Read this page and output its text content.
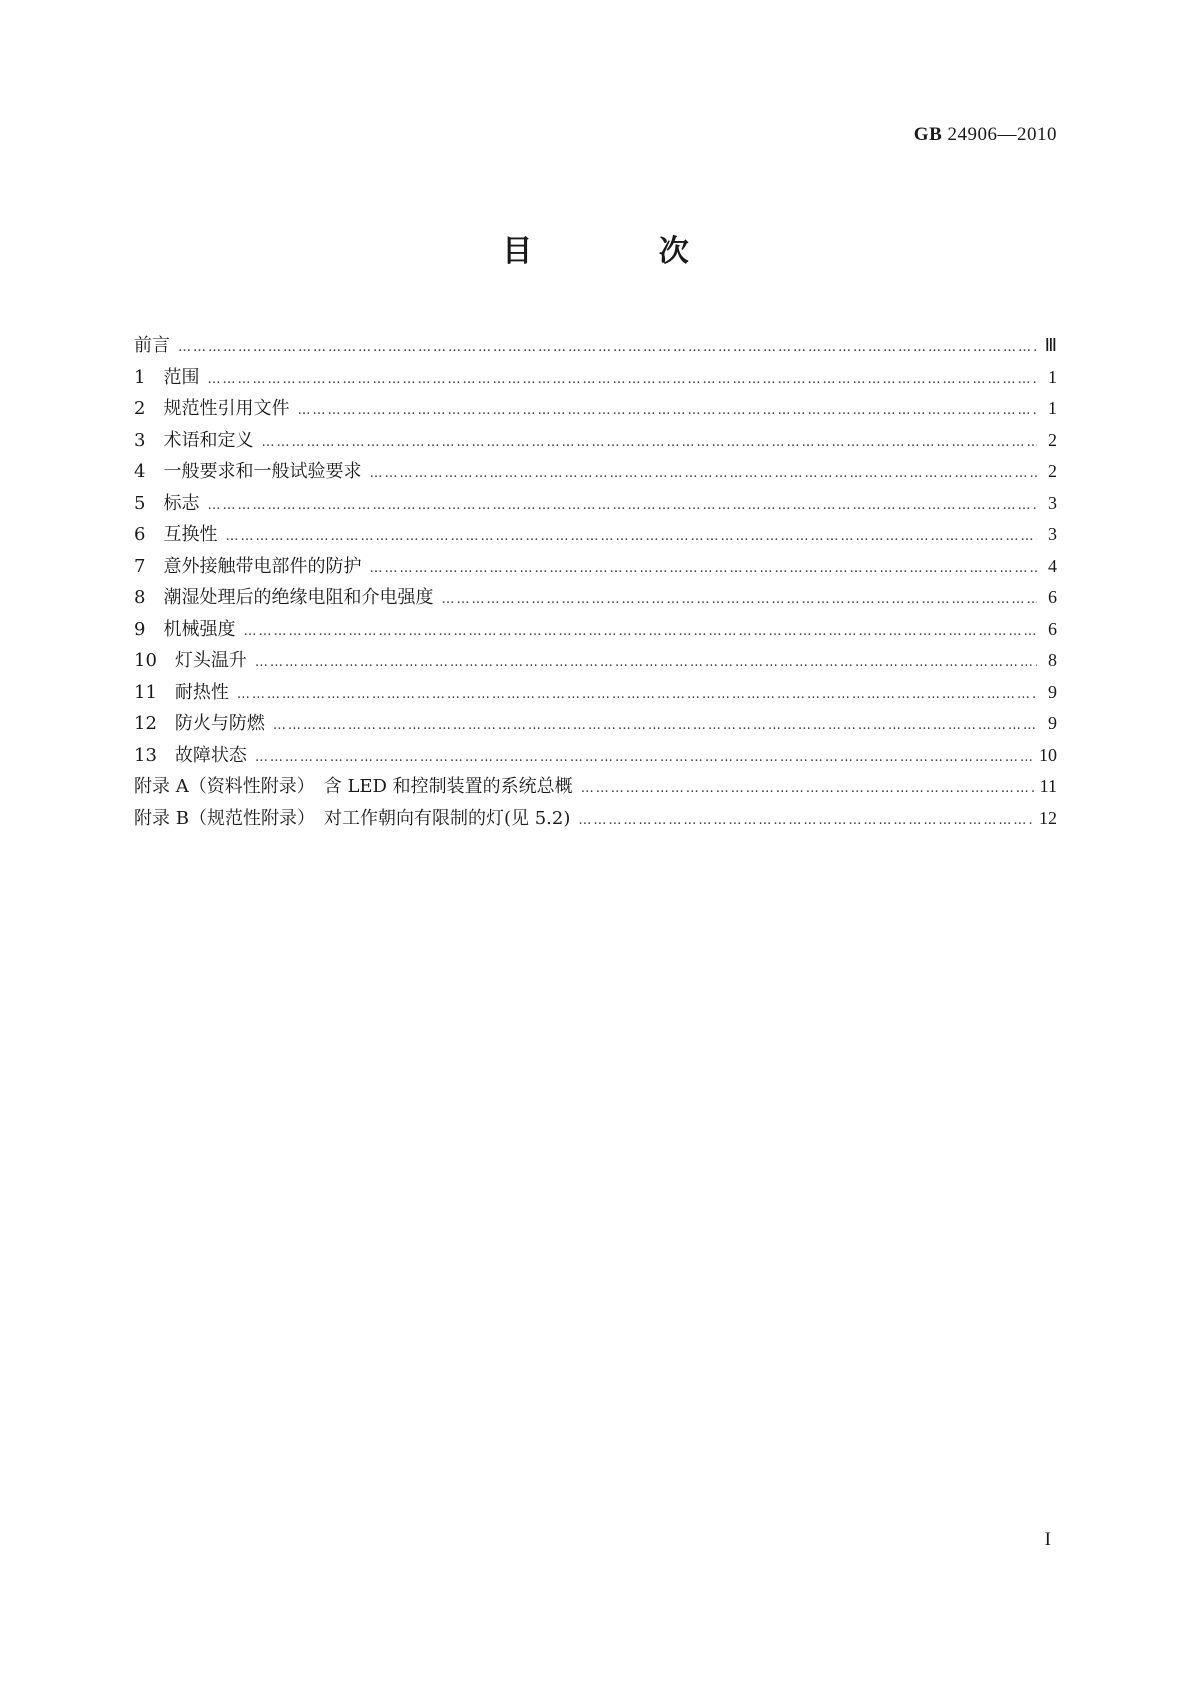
GB 24906—2010
目 次
前言 ……………………………………………………………………………………………………………………………………………………………………………………………………………………………………………………	Ⅲ
1　范围 ……………………………………………………………………………………………………………………………………………………………………………………………………………………………………………………	1
2　规范性引用文件 ……………………………………………………………………………………………………………………………………………………………………………………………………………………………………………………	1
3　术语和定义 ……………………………………………………………………………………………………………………………………………………………………………………………………………………………………………………	2
4　一般要求和一般试验要求 ……………………………………………………………………………………………………………………………………………………………………………………………………………………………………………………	2
5　标志 ……………………………………………………………………………………………………………………………………………………………………………………………………………………………………………………	3
6　互换性 ……………………………………………………………………………………………………………………………………………………………………………………………………………………………………………………	3
7　意外接触带电部件的防护 ……………………………………………………………………………………………………………………………………………………………………………………………………………………………………………………	4
8　潮湿处理后的绝缘电阻和介电强度 ……………………………………………………………………………………………………………………………………………………………………………………………………………………………………………………	6
9　机械强度 ……………………………………………………………………………………………………………………………………………………………………………………………………………………………………………………	6
10　灯头温升 ……………………………………………………………………………………………………………………………………………………………………………………………………………………………………………………	8
11　耐热性 ……………………………………………………………………………………………………………………………………………………………………………………………………………………………………………………	9
12　防火与防燃 ……………………………………………………………………………………………………………………………………………………………………………………………………………………………………………………	9
13　故障状态 ……………………………………………………………………………………………………………………………………………………………………………………………………………………………………………………	10
附录 A（资料性附录）　含 LED 和控制装置的系统总概 ……………………………………………………………………………………………………………………………………………………………………………………………………………………………………………………	11
附录 B（规范性附录）　对工作朝向有限制的灯(见 5.2) ……………………………………………………………………………………………………………………………………………………………………………………………………………………………………………………	12
I
